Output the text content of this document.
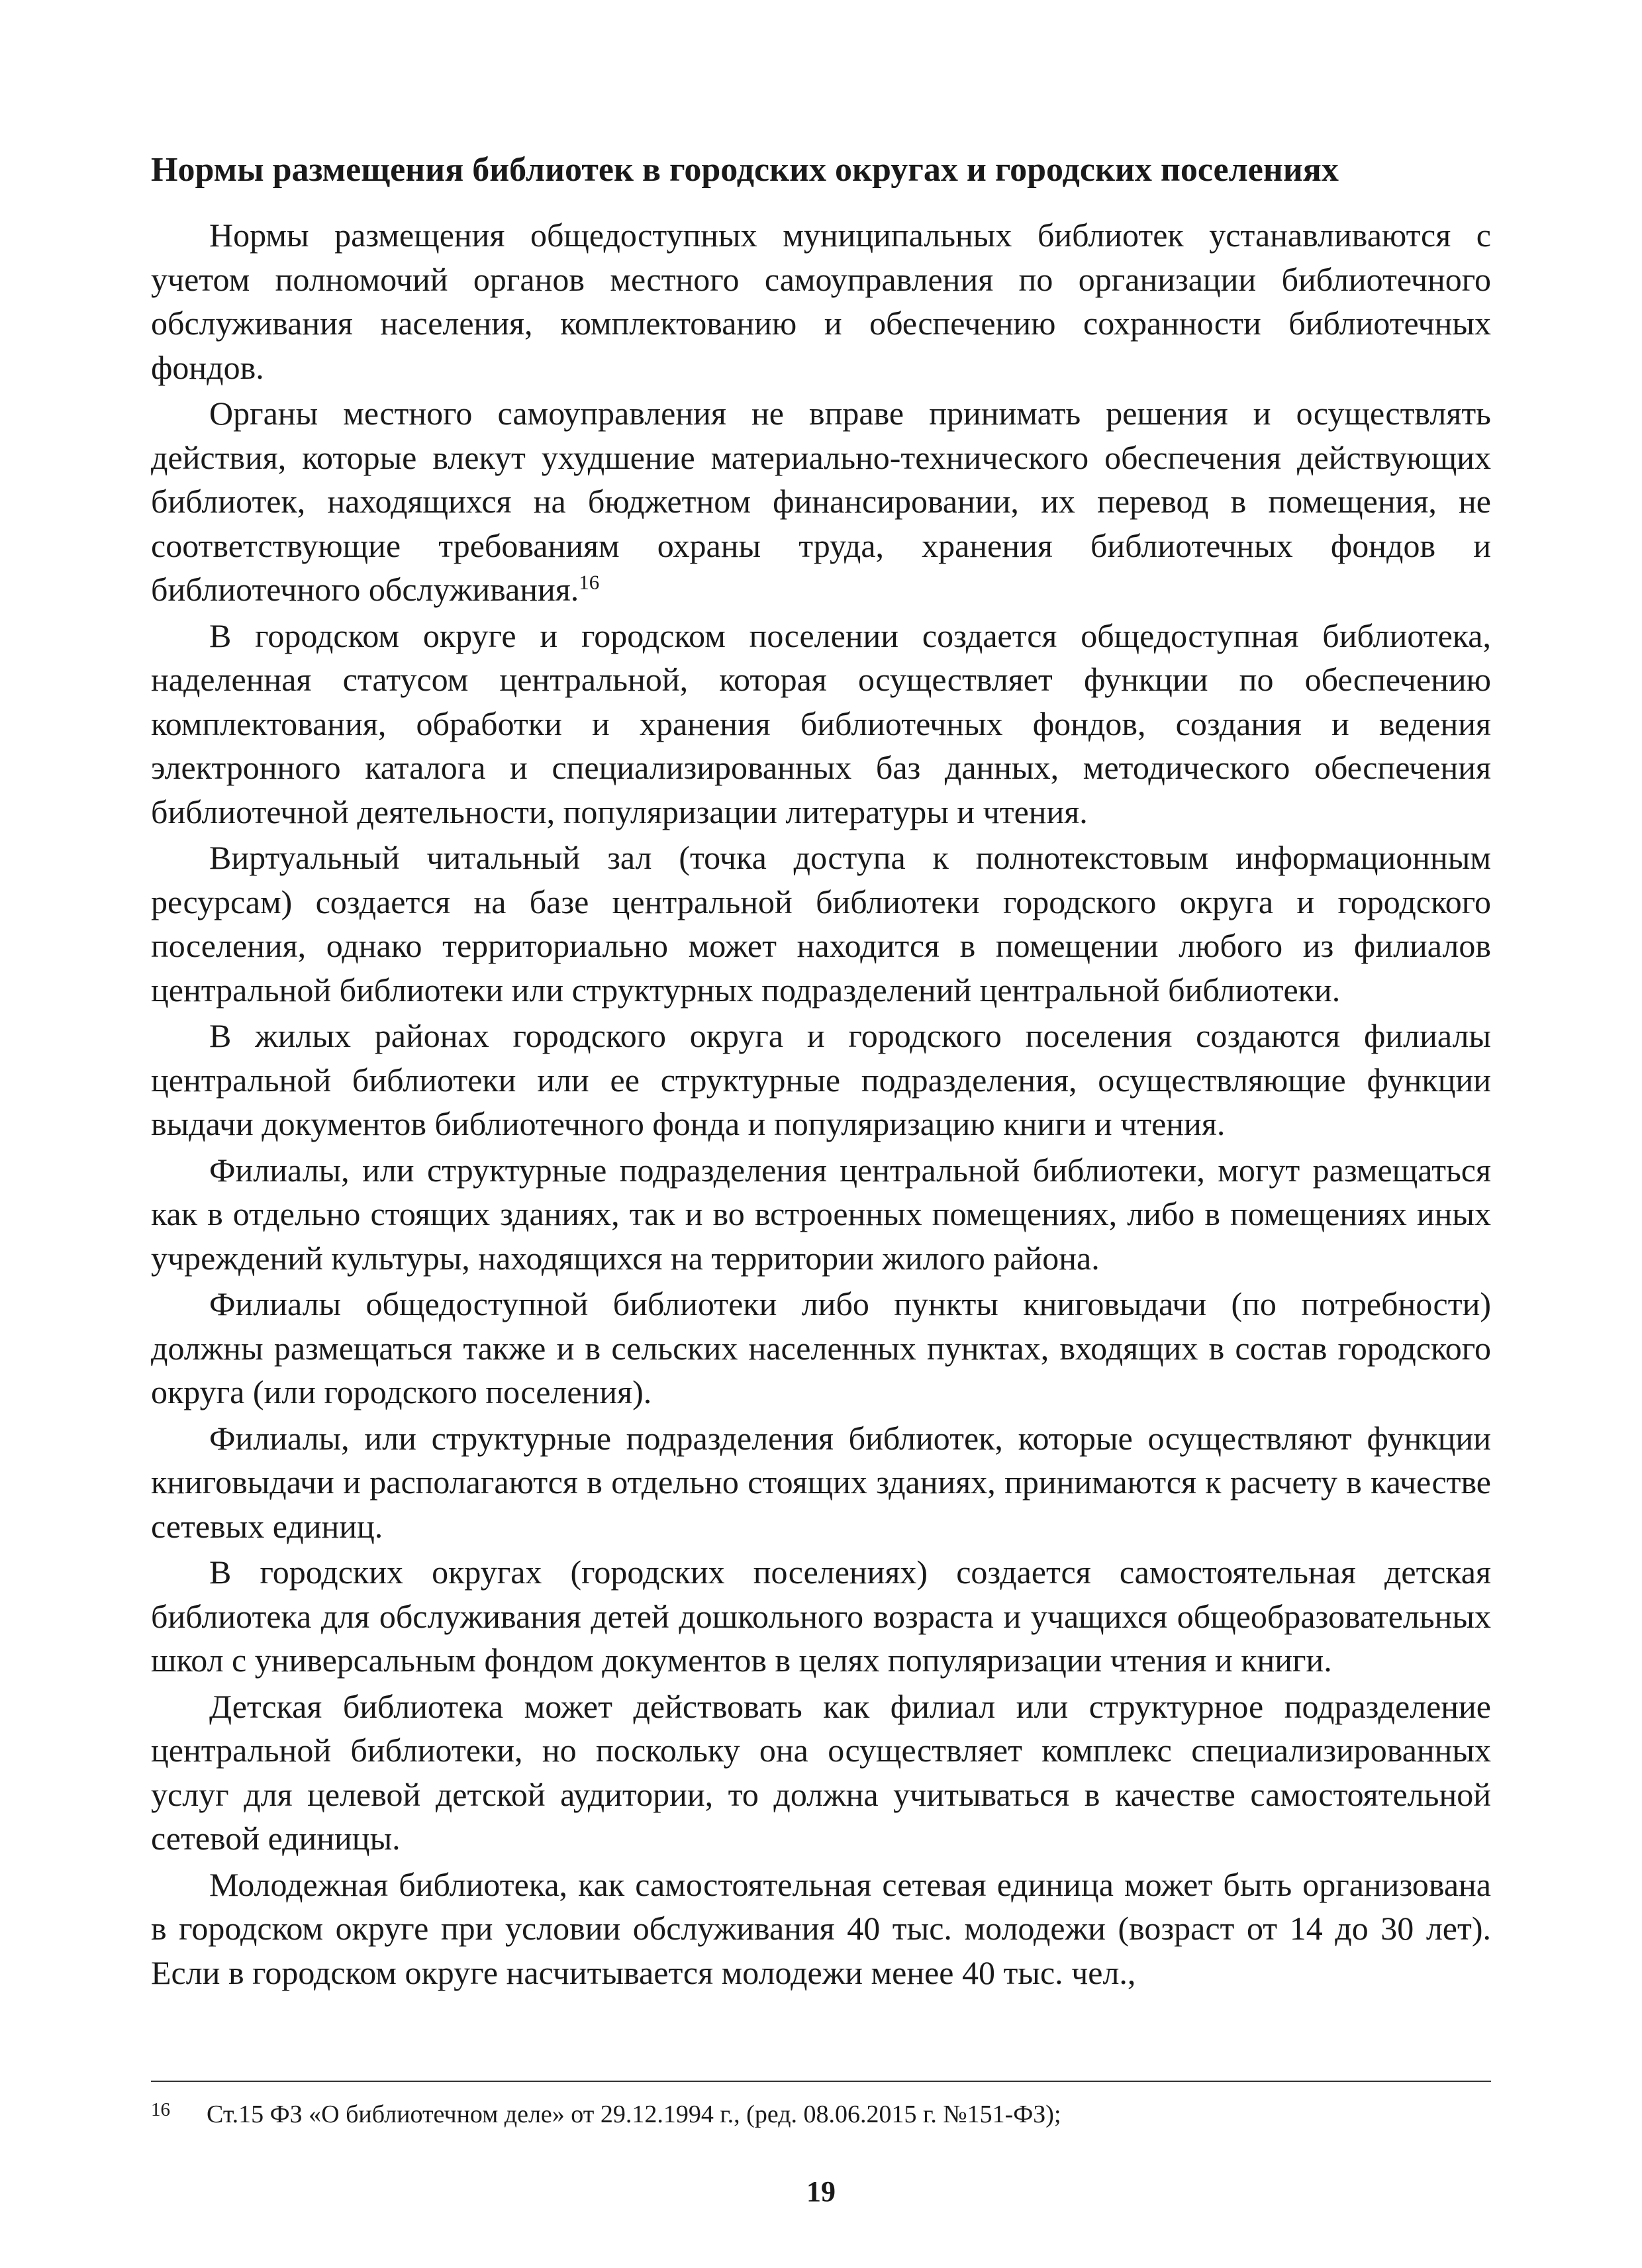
Нормы размещения библиотек в городских округах и городских поселениях

Нормы размещения общедоступных муниципальных библиотек устанавливаются с учетом полномочий органов местного самоуправления по организации библиотечного обслуживания населения, комплектованию и обеспечению сохранности библиотечных фондов.

Органы местного самоуправления не вправе принимать решения и осуществлять действия, которые влекут ухудшение материально-технического обеспечения действующих библиотек, находящихся на бюджетном финансировании, их перевод в помещения, не соответствующие требованиям охраны труда, хранения библиотечных фондов и библиотечного обслуживания.$^{16}$

В городском округе и городском поселении создается общедоступная библиотека, наделенная статусом центральной, которая осуществляет функции по обеспечению комплектования, обработки и хранения библиотечных фондов, создания и ведения электронного каталога и специализированных баз данных, методического обеспечения библиотечной деятельности, популяризации литературы и чтения.

Виртуальный читальный зал (точка доступа к полнотекстовым информационным ресурсам) создается на базе центральной библиотеки городского округа и городского поселения, однако территориально может находится в помещении любого из филиалов центральной библиотеки или структурных подразделений центральной библиотеки.

В жилых районах городского округа и городского поселения создаются филиалы центральной библиотеки или ее структурные подразделения, осуществляющие функции выдачи документов библиотечного фонда и популяризацию книги и чтения.

Филиалы, или структурные подразделения центральной библиотеки, могут размещаться как в отдельно стоящих зданиях, так и во встроенных помещениях, либо в помещениях иных учреждений культуры, находящихся на территории жилого района.

Филиалы общедоступной библиотеки либо пункты книговыдачи (по потребности) должны размещаться также и в сельских населенных пунктах, входящих в состав городского округа (или городского поселения).

Филиалы, или структурные подразделения библиотек, которые осуществляют функции книговыдачи и располагаются в отдельно стоящих зданиях, принимаются к расчету в качестве сетевых единиц.

В городских округах (городских поселениях) создается самостоятельная детская библиотека для обслуживания детей дошкольного возраста и учащихся общеобразовательных школ с универсальным фондом документов в целях популяризации чтения и книги.

Детская библиотека может действовать как филиал или структурное подразделение центральной библиотеки, но поскольку она осуществляет комплекс специализированных услуг для целевой детской аудитории, то должна учитываться в качестве самостоятельной сетевой единицы.

Молодежная библиотека, как самостоятельная сетевая единица может быть организована в городском округе при условии обслуживания 40 тыс. молодежи (возраст от 14 до 30 лет). Если в городском округе насчитывается молодежи менее 40 тыс. чел.,

16 Ст.15 ФЗ «О библиотечном деле» от 29.12.1994 г., (ред. 08.06.2015 г. №151-ФЗ);
19
